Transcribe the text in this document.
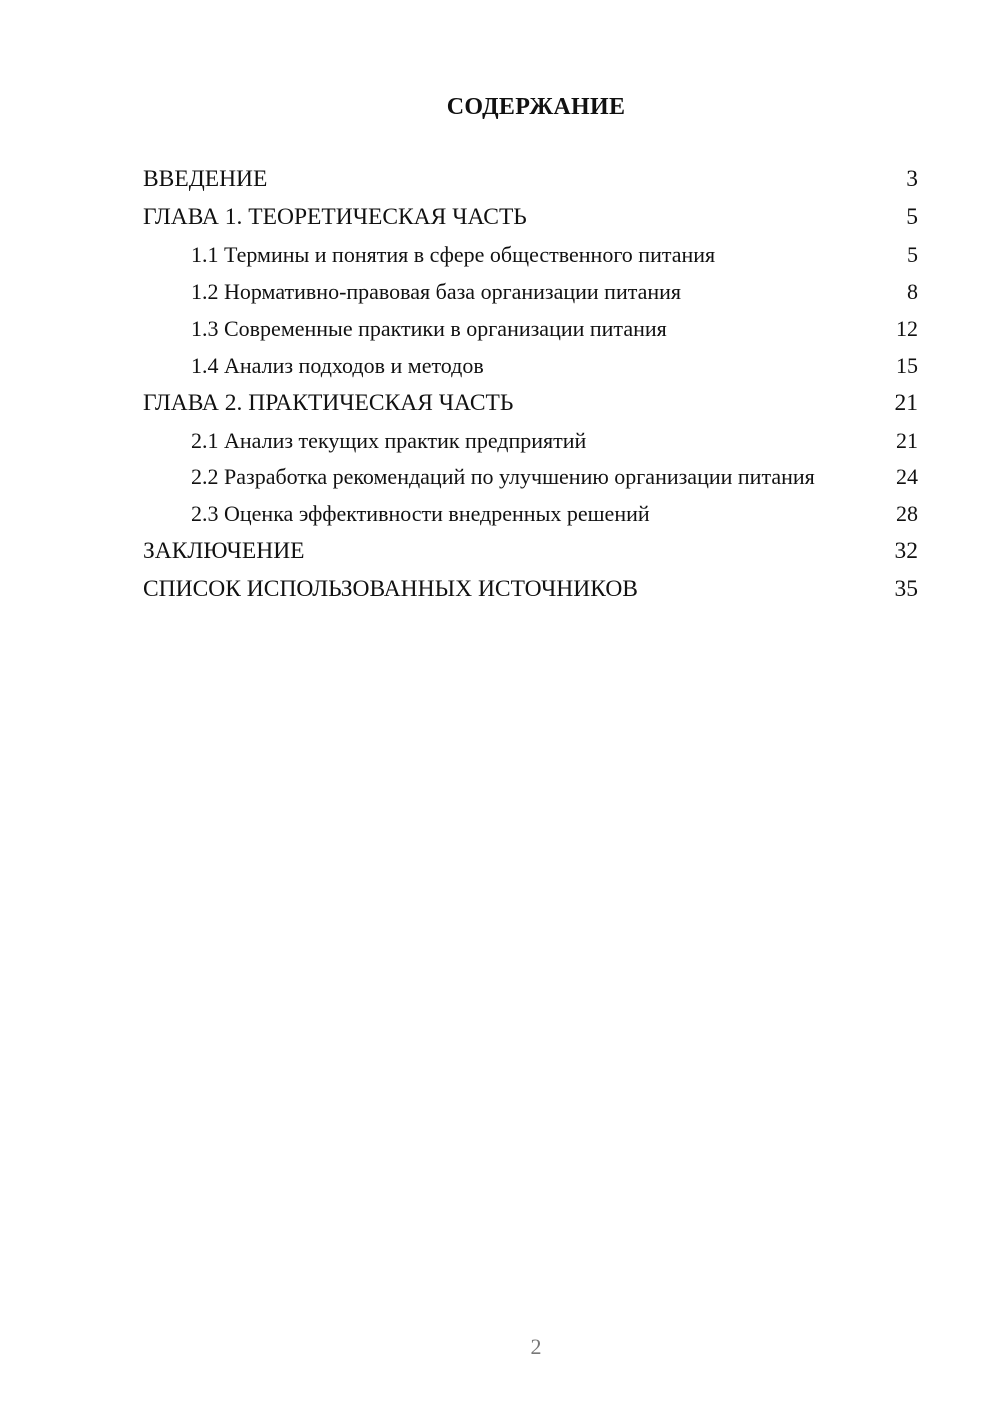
СОДЕРЖАНИЕ
ВВЕДЕНИЕ	3
ГЛАВА 1. ТЕОРЕТИЧЕСКАЯ ЧАСТЬ	5
1.1 Термины и понятия в сфере общественного питания	5
1.2 Нормативно-правовая база организации питания	8
1.3 Современные практики в организации питания	12
1.4 Анализ подходов и методов	15
ГЛАВА 2. ПРАКТИЧЕСКАЯ ЧАСТЬ	21
2.1 Анализ текущих практик предприятий	21
2.2 Разработка рекомендаций по улучшению организации питания	24
2.3 Оценка эффективности внедренных решений	28
ЗАКЛЮЧЕНИЕ	32
СПИСОК ИСПОЛЬЗОВАННЫХ ИСТОЧНИКОВ	35
2
